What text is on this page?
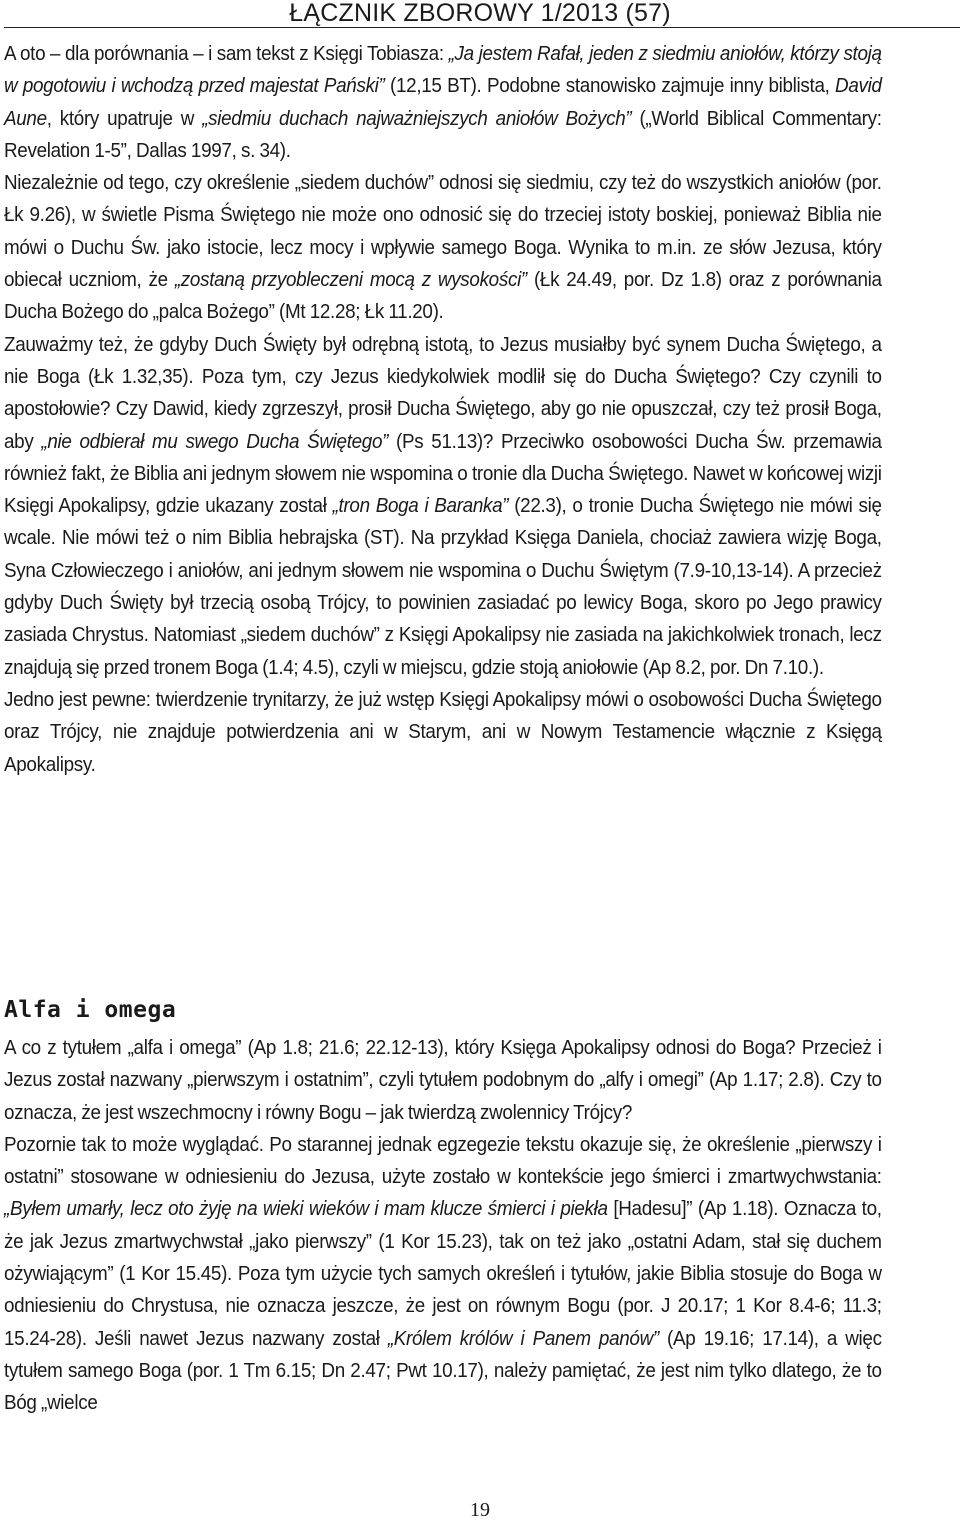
ŁĄCZNIK ZBOROWY 1/2013 (57)

A oto – dla porównania – i sam tekst z Księgi Tobiasza: „Ja jestem Rafał, jeden z siedmiu aniołów, którzy stoją w pogotowiu i wchodzą przed majestat Pański” (12,15 BT). Podobne stanowisko zajmuje inny biblista, David Aune, który upatruje w „siedmiu duchach najważniejszych aniołów Bożych” („World Biblical Commentary: Revelation 1-5”, Dallas 1997, s. 34).

Niezależnie od tego, czy określenie „siedem duchów” odnosi się siedmiu, czy też do wszystkich aniołów (por. Łk 9.26), w świetle Pisma Świętego nie może ono odnosić się do trzeciej istoty boskiej, ponieważ Biblia nie mówi o Duchu Św. jako istocie, lecz mocy i wpływie samego Boga. Wynika to m.in. ze słów Jezusa, który obiecał uczniom, że „zostaną przyobleczeni mocą z wysokości” (Łk 24.49, por. Dz 1.8) oraz z porównania Ducha Bożego do „palca Bożego” (Mt 12.28; Łk 11.20).

Zauważmy też, że gdyby Duch Święty był odrębną istotą, to Jezus musiałby być synem Ducha Świętego, a nie Boga (Łk 1.32,35). Poza tym, czy Jezus kiedykolwiek modlił się do Ducha Świętego? Czy czynili to apostołowie? Czy Dawid, kiedy zgrzeszył, prosił Ducha Świętego, aby go nie opuszczał, czy też prosił Boga, aby „nie odbierał mu swego Ducha Świętego” (Ps 51.13)? Przeciwko osobowości Ducha Św. przemawia również fakt, że Biblia ani jednym słowem nie wspomina o tronie dla Ducha Świętego. Nawet w końcowej wizji Księgi Apokalipsy, gdzie ukazany został „tron Boga i Baranka” (22.3), o tronie Ducha Świętego nie mówi się wcale. Nie mówi też o nim Biblia hebrajska (ST). Na przykład Księga Daniela, chociaż zawiera wizję Boga, Syna Człowieczego i aniołów, ani jednym słowem nie wspomina o Duchu Świętym (7.9-10,13-14). A przecież gdyby Duch Święty był trzecią osobą Trójcy, to powinien zasiadać po lewicy Boga, skoro po Jego prawicy zasiada Chrystus. Natomiast „siedem duchów” z Księgi Apokalipsy nie zasiada na jakichkolwiek tronach, lecz znajdują się przed tronem Boga (1.4; 4.5), czyli w miejscu, gdzie stoją aniołowie (Ap 8.2, por. Dn 7.10.).

Jedno jest pewne: twierdzenie trynitarzy, że już wstęp Księgi Apokalipsy mówi o osobowości Ducha Świętego oraz Trójcy, nie znajduje potwierdzenia ani w Starym, ani w Nowym Testamencie włącznie z Księgą Apokalipsy.

Alfa i omega

A co z tytułem „alfa i omega” (Ap 1.8; 21.6; 22.12-13), który Księga Apokalipsy odnosi do Boga? Przecież i Jezus został nazwany „pierwszym i ostatnim”, czyli tytułem podobnym do „alfy i omegi” (Ap 1.17; 2.8). Czy to oznacza, że jest wszechmocny i równy Bogu – jak twierdzą zwolennicy Trójcy?

Pozornie tak to może wyglądać. Po starannej jednak egzegezie tekstu okazuje się, że określenie „pierwszy i ostatni” stosowane w odniesieniu do Jezusa, użyte zostało w kontekście jego śmierci i zmartwychwstania: „Byłem umarły, lecz oto żyję na wieki wieków i mam klucze śmierci i piekła [Hadesu]” (Ap 1.18). Oznacza to, że jak Jezus zmartwychwstał „jako pierwszy” (1 Kor 15.23), tak on też jako „ostatni Adam, stał się duchem ożywiającym” (1 Kor 15.45). Poza tym użycie tych samych określeń i tytułów, jakie Biblia stosuje do Boga w odniesieniu do Chrystusa, nie oznacza jeszcze, że jest on równym Bogu (por. J 20.17; 1 Kor 8.4-6; 11.3; 15.24-28). Jeśli nawet Jezus nazwany został „Królem królów i Panem panów” (Ap 19.16; 17.14), a więc tytułem samego Boga (por. 1 Tm 6.15; Dn 2.47; Pwt 10.17), należy pamiętać, że jest nim tylko dlatego, że to Bóg „wielce

19
